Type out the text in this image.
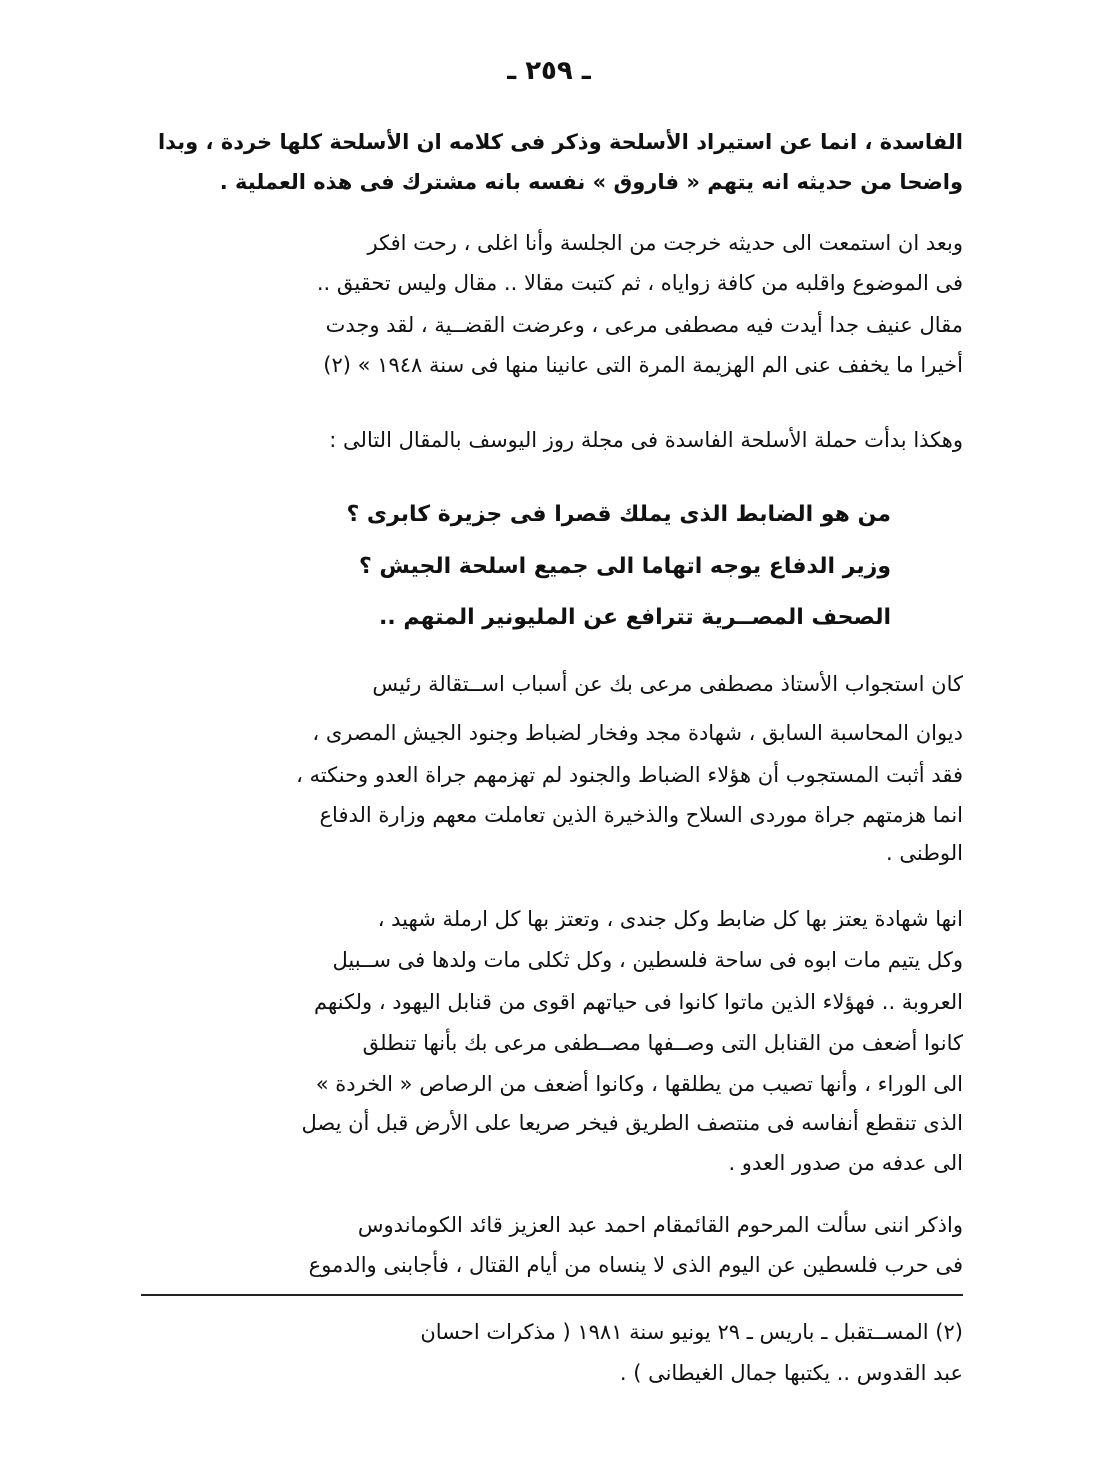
ـ ٢٥٩ ـ
الفاسدة ، انما عن استيراد الأسلحة وذكر فى كلامه ان الأسلحة كلها خردة ، وبدا
واضحا من حديثه انه يتهم « فاروق » نفسه بانه مشترك فى هذه العملية .
وبعد ان استمعت الى حديثه خرجت من الجلسة وأنا اغلى ، رحت افكر
فى الموضوع واقلبه من كافة زواياه ، ثم كتبت مقالا .. مقال وليس تحقيق ..
مقال عنيف جدا أيدت فيه مصطفى مرعى ، وعرضت القضــية ، لقد وجدت
أخيرا ما يخفف عنى الم الهزيمة المرة التى عانينا منها فى سنة ١٩٤٨ » (٢)
وهكذا بدأت حملة الأسلحة الفاسدة فى مجلة روز اليوسف بالمقال التالى :
من هو الضابط الذى يملك قصرا فى جزيرة كابرى ؟
وزير الدفاع يوجه اتهاما الى جميع اسلحة الجيش ؟
الصحف المصــرية تترافع عن المليونير المتهم ..
كان استجواب الأستاذ مصطفى مرعى بك عن أسباب اســتقالة رئيس
ديوان المحاسبة السابق ، شهادة مجد وفخار لضباط وجنود الجيش المصرى ،
فقد أثبت المستجوب أن هؤلاء الضباط والجنود لم تهزمهم جراة العدو وحنكته ،
انما هزمتهم جراة موردى السلاح والذخيرة الذين تعاملت معهم وزارة الدفاع
الوطنى .
انها شهادة يعتز بها كل ضابط وكل جندى ، وتعتز بها كل ارملة شهيد ،
وكل يتيم مات ابوه فى ساحة فلسطين ، وكل ثكلى مات ولدها فى ســبيل
العروبة .. فهؤلاء الذين ماتوا كانوا فى حياتهم اقوى من قنابل اليهود ، ولكنهم
كانوا أضعف من القنابل التى وصــفها مصــطفى مرعى بك بأنها تنطلق
الى الوراء ، وأنها تصيب من يطلقها ، وكانوا أضعف من الرصاص « الخردة »
الذى تنقطع أنفاسه فى منتصف الطريق فيخر صريعا على الأرض قبل أن يصل
الى عدفه من صدور العدو .
واذكر اننى سألت المرحوم القائمقام احمد عبد العزيز قائد الكوماندوس
فى حرب فلسطين عن اليوم الذى لا ينساه من أيام القتال ، فأجابنى والدموع
(٢) المســتقبل ـ باريس ـ ٢٩ يونيو سنة ١٩٨١ ( مذكرات احسان
عبد القدوس .. يكتبها جمال الغيطانى ) .
